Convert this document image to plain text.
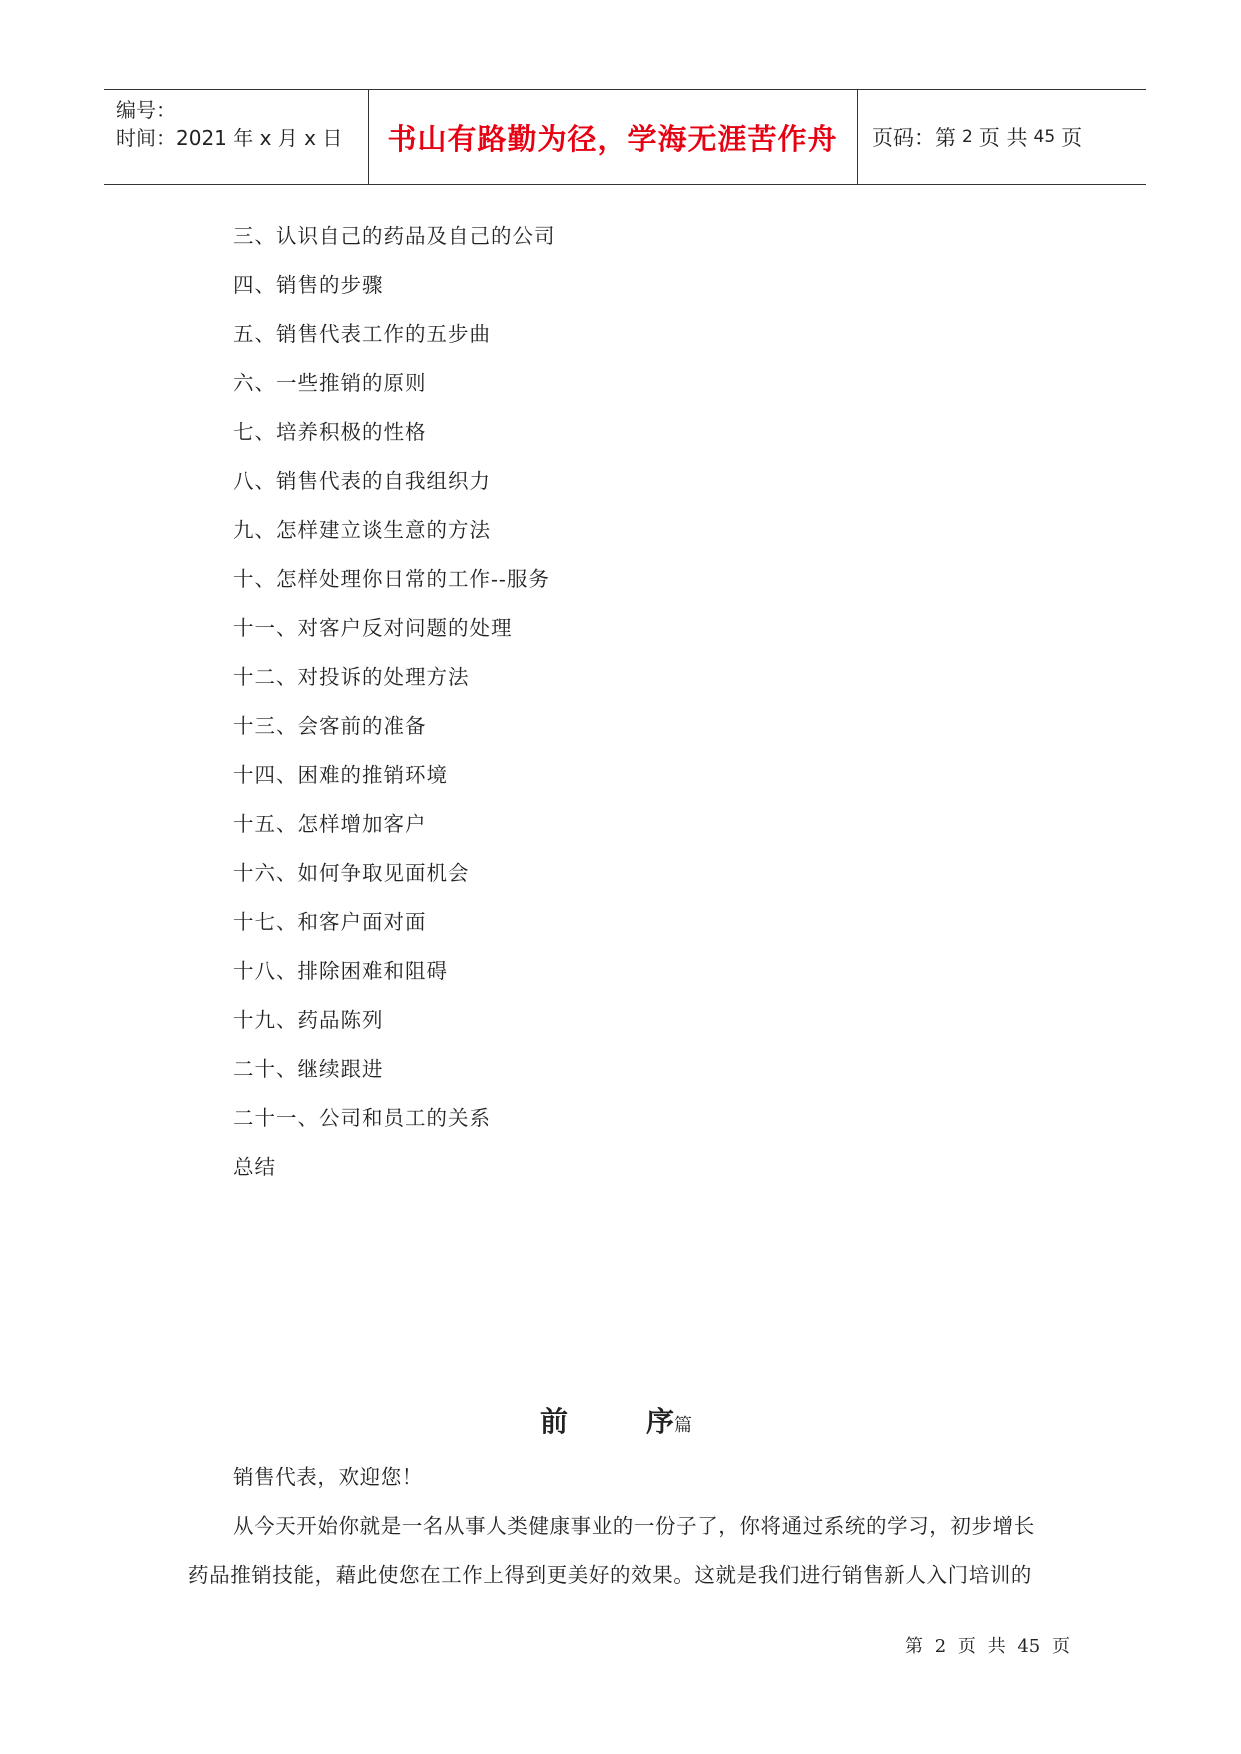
编号：
时间：2021 年 x 月 x 日	书山有路勤为径，学海无涯苦作舟	页码：第 2 页 共 45 页
三、认识自己的药品及自己的公司
四、销售的步骤
五、销售代表工作的五步曲
六、一些推销的原则
七、培养积极的性格
八、销售代表的自我组织力
九、怎样建立谈生意的方法
十、怎样处理你日常的工作--服务
十一、对客户反对问题的处理
十二、对投诉的处理方法
十三、会客前的准备
十四、困难的推销环境
十五、怎样增加客户
十六、如何争取见面机会
十七、和客户面对面
十八、排除困难和阻碍
十九、药品陈列
二十、继续跟进
二十一、公司和员工的关系
总结
前	序篇
销售代表，欢迎您！
从今天开始你就是一名从事人类健康事业的一份子了，你将通过系统的学习，初步增长
药品推销技能，藉此使您在工作上得到更美好的效果。这就是我们进行销售新人入门培训的
第 2 页 共 45 页
